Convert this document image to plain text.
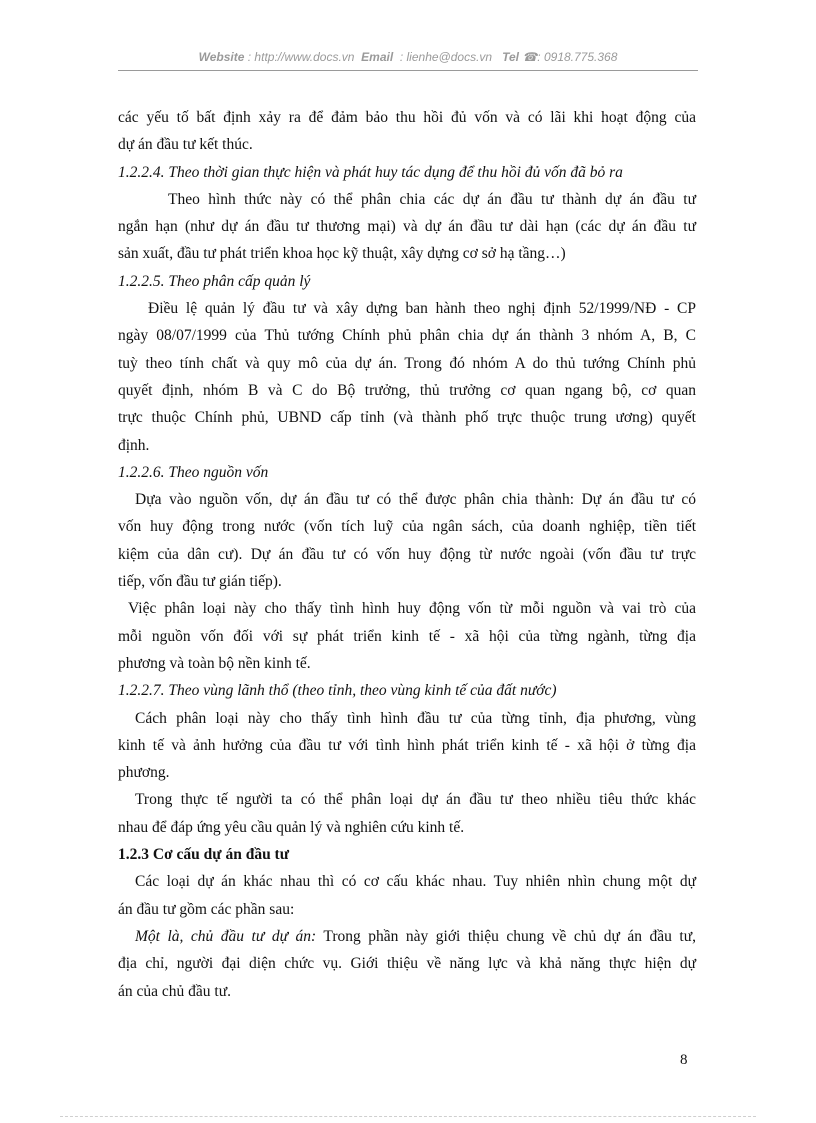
Website : http://www.docs.vn Email : lienhe@docs.vn Tel ☎: 0918.775.368
các yếu tố bất định xảy ra để đảm bảo thu hồi đủ vốn và có lãi khi hoạt động của
dự án đầu tư kết thúc.
1.2.2.4. Theo thời gian thực hiện và phát huy tác dụng để thu hồi đủ vốn đã bỏ ra
Theo hình thức này có thể phân chia các dự án đầu tư thành dự án đầu tư
ngắn hạn (như dự án đầu tư thương mại) và dự án đầu tư dài hạn (các dự án đầu tư
sản xuất, đầu tư phát triển khoa học kỹ thuật, xây dựng cơ sở hạ tầng…)
1.2.2.5. Theo phân cấp quản lý
Điều lệ quản lý đầu tư và xây dựng ban hành theo nghị định 52/1999/NĐ - CP
ngày 08/07/1999 của Thủ tướng Chính phủ phân chia dự án thành 3 nhóm A, B, C
tuỳ theo tính chất và quy mô của dự án. Trong đó nhóm A do thủ tướng Chính phủ
quyết định, nhóm B và C do Bộ trưởng, thủ trưởng cơ quan ngang bộ, cơ quan
trực thuộc Chính phủ, UBND cấp tỉnh (và thành phố trực thuộc trung ương) quyết
định.
1.2.2.6. Theo nguồn vốn
Dựa vào nguồn vốn, dự án đầu tư có thể được phân chia thành: Dự án đầu tư có
vốn huy động trong nước (vốn tích luỹ của ngân sách, của doanh nghiệp, tiền tiết
kiệm của dân cư). Dự án đầu tư có vốn huy động từ nước ngoài (vốn đầu tư trực
tiếp, vốn đầu tư gián tiếp).
Việc phân loại này cho thấy tình hình huy động vốn từ mỗi nguồn và vai trò của
mỗi nguồn vốn đối với sự phát triển kinh tế - xã hội của từng ngành, từng địa
phương và toàn bộ nền kinh tế.
1.2.2.7. Theo vùng lãnh thổ (theo tỉnh, theo vùng kinh tế của đất nước)
Cách phân loại này cho thấy tình hình đầu tư của từng tỉnh, địa phương, vùng
kinh tế và ảnh hưởng của đầu tư với tình hình phát triển kinh tế - xã hội ở từng địa
phương.
Trong thực tế người ta có thể phân loại dự án đầu tư theo nhiều tiêu thức khác
nhau để đáp ứng yêu cầu quản lý và nghiên cứu kinh tế.
1.2.3 Cơ cấu dự án đầu tư
Các loại dự án khác nhau thì có cơ cấu khác nhau. Tuy nhiên nhìn chung một dự
án đầu tư gồm các phần sau:
Một là, chủ đầu tư dự án: Trong phần này giới thiệu chung về chủ dự án đầu tư,
địa chỉ, người đại diện chức vụ. Giới thiệu về năng lực và khả năng thực hiện dự
án của chủ đầu tư.
8
